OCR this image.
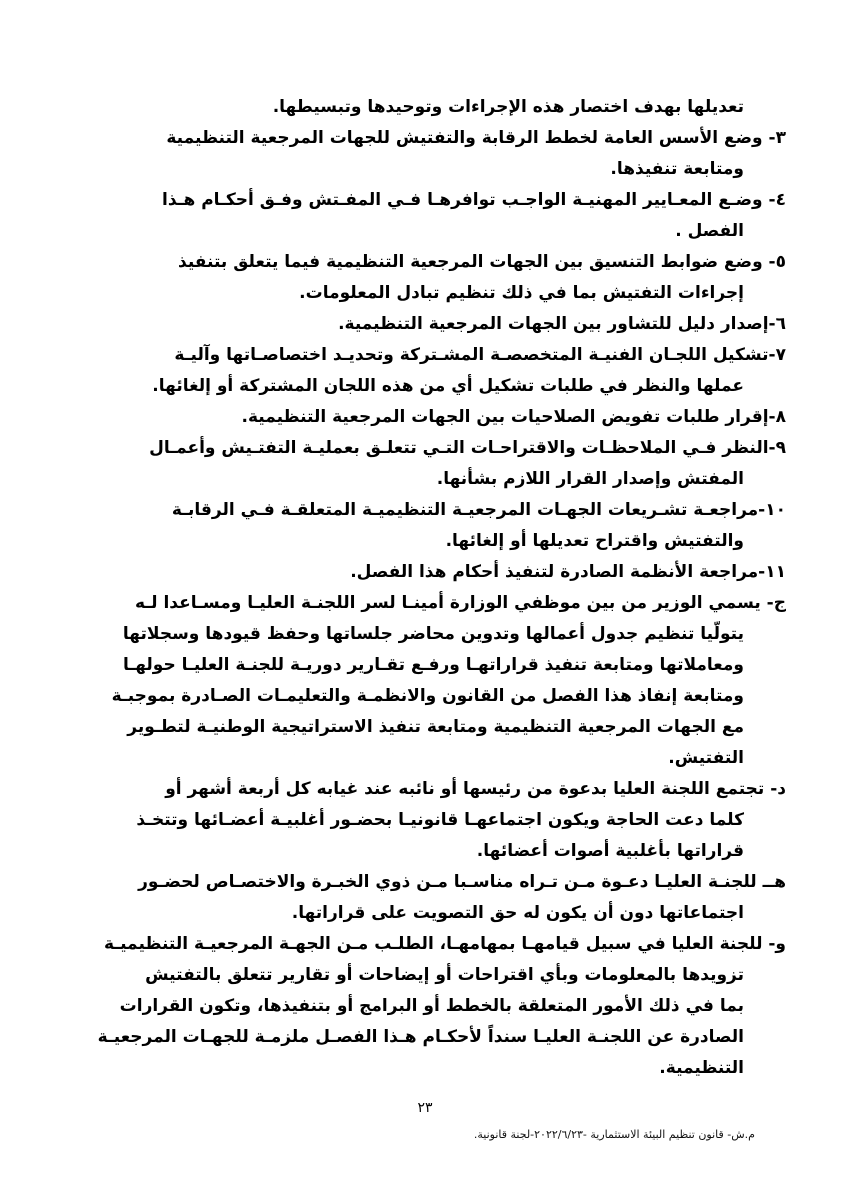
تعديلها بهدف اختصار هذه الإجراءات وتوحيدها وتبسيطها.
٣- وضع الأسس العامة لخطط الرقابة والتفتيش للجهات المرجعية التنظيمية
ومتابعة تنفيذها.
٤- وضـع المعـايير المهنيـة الواجـب توافرهـا فـي المفـتش وفـق أحكـام هـذا
الفصل .
٥- وضع ضوابط التنسيق بين الجهات المرجعية التنظيمية فيما يتعلق بتنفيذ
إجراءات التفتيش بما في ذلك تنظيم تبادل المعلومات.
٦-إصدار دليل للتشاور بين الجهات المرجعية التنظيمية.
٧-تشكيل اللجـان الفنيـة المتخصصـة المشـتركة وتحديـد اختصاصـاتها وآليـة
عملها والنظر في طلبات تشكيل أي من هذه اللجان المشتركة أو إلغائها.
٨-إقرار طلبات تفويض الصلاحيات بين الجهات المرجعية التنظيمية.
٩-النظر فـي الملاحظـات والاقتراحـات التـي تتعلـق بعمليـة التفتـيش وأعمـال
المفتش وإصدار القرار اللازم بشأنها.
١٠-مراجعـة تشـريعات الجهـات المرجعيـة التنظيميـة المتعلقـة فـي الرقابـة
والتفتيش واقتراح تعديلها أو إلغائها.
١١-مراجعة الأنظمة الصادرة لتنفيذ أحكام هذا الفصل.
ج- يسمي الوزير من بين موظفي الوزارة أمينـا لسر اللجنـة العليـا ومسـاعدا لـه
يتولّيا تنظيم جدول أعمالها وتدوين محاضر جلساتها وحفظ قيودها وسجلاتها
ومعاملاتها ومتابعة تنفيذ قراراتهـا ورفـع تقـارير دوريـة للجنـة العليـا حولهـا
ومتابعة إنفاذ هذا الفصل من القانون والانظمـة والتعليمـات الصـادرة بموجبـة
مع الجهات المرجعية التنظيمية ومتابعة تنفيذ الاستراتيجية الوطنيـة لتطـوير
التفتيش.
د- تجتمع اللجنة العليا بدعوة من رئيسها أو نائبه عند غيابه كل أربعة أشهر أو
كلما دعت الحاجة ويكون اجتماعهـا قانونيـا بحضـور أغلبيـة أعضـائها وتتخـذ
قراراتها بأغلبية أصوات أعضائها.
هــ للجنـة العليـا دعـوة مـن تـراه مناسـبا مـن ذوي الخبـرة والاختصـاص لحضـور
اجتماعاتها دون أن يكون له حق التصويت على قراراتها.
و- للجنة العليا في سبيل قيامهـا بمهامهـا، الطلـب مـن الجهـة المرجعيـة التنظيميـة
تزويدها بالمعلومات وبأي اقتراحات أو إيضاحات أو تقارير تتعلق بالتفتيش
بما في ذلك الأمور المتعلقة بالخطط أو البرامج أو بتنفيذها، وتكون القرارات
الصادرة عن اللجنـة العليـا سنداً لأحكـام هـذا الفصـل ملزمـة للجهـات المرجعيـة
التنظيمية.
٢٣
م.ش- قانون تنظيم البيئة الاستثمارية -٢٠٢٢/٦/٢٣-لجنة قانونية.
